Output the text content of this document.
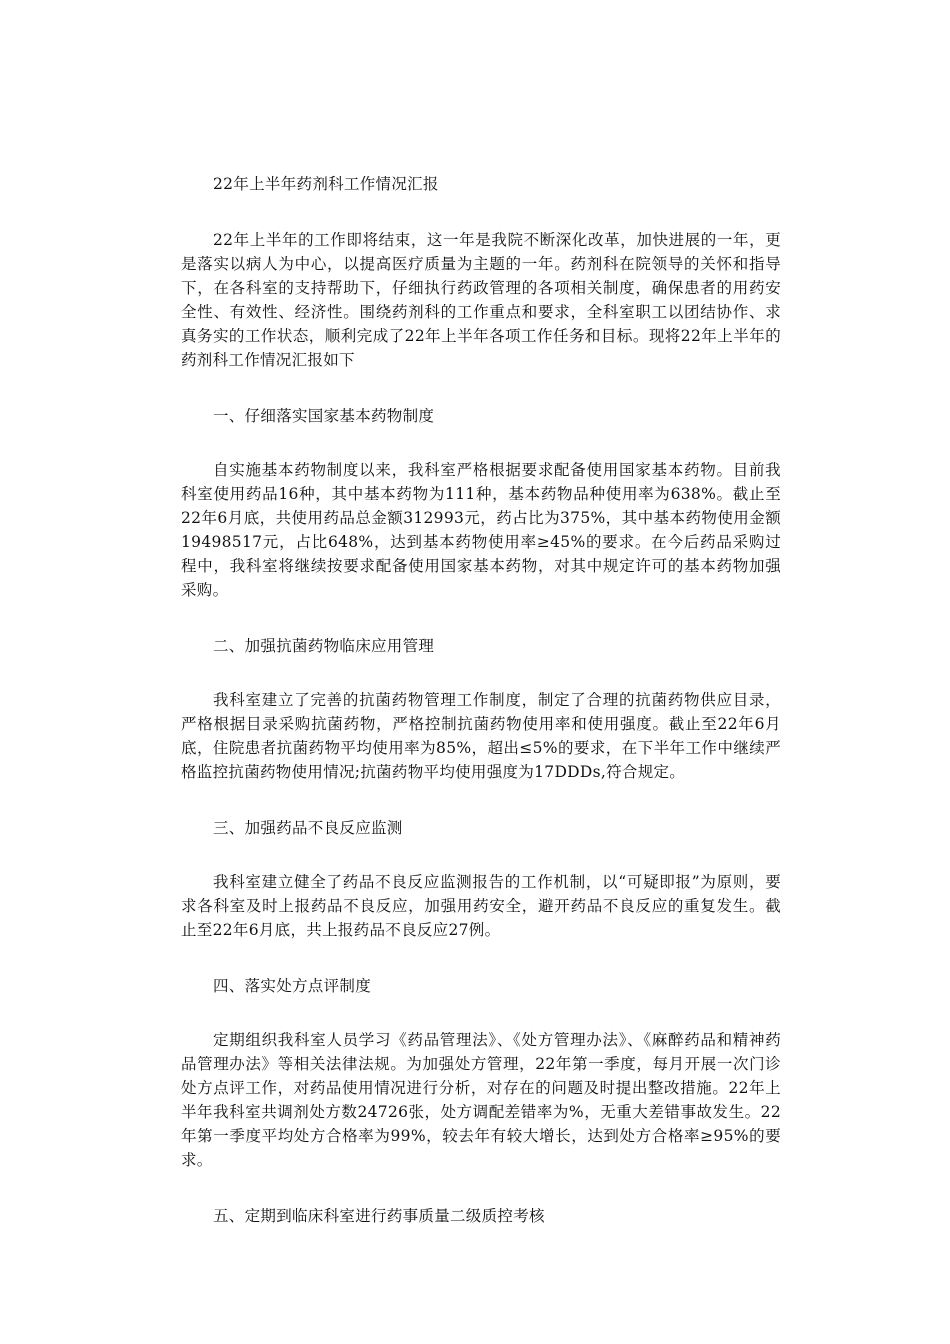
22年上半年药剂科工作情况汇报

22年上半年的工作即将结束，这一年是我院不断深化改革，加快进展的一年，更是落实以病人为中心，以提高医疗质量为主题的一年。药剂科在院领导的关怀和指导下，在各科室的支持帮助下，仔细执行药政管理的各项相关制度，确保患者的用药安全性、有效性、经济性。围绕药剂科的工作重点和要求，全科室职工以团结协作、求真务实的工作状态，顺利完成了22年上半年各项工作任务和目标。现将22年上半年的药剂科工作情况汇报如下

一、仔细落实国家基本药物制度

自实施基本药物制度以来，我科室严格根据要求配备使用国家基本药物。目前我科室使用药品16种，其中基本药物为111种，基本药物品种使用率为638%。截止至22年6月底，共使用药品总金额312993元，药占比为375%，其中基本药物使用金额19498517元，占比648%，达到基本药物使用率≥45%的要求。在今后药品采购过程中，我科室将继续按要求配备使用国家基本药物，对其中规定许可的基本药物加强采购。

二、加强抗菌药物临床应用管理

我科室建立了完善的抗菌药物管理工作制度，制定了合理的抗菌药物供应目录，严格根据目录采购抗菌药物，严格控制抗菌药物使用率和使用强度。截止至22年6月底，住院患者抗菌药物平均使用率为85%，超出≤5%的要求，在下半年工作中继续严格监控抗菌药物使用情况;抗菌药物平均使用强度为17DDDs,符合规定。

三、加强药品不良反应监测

我科室建立健全了药品不良反应监测报告的工作机制，以“可疑即报”为原则，要求各科室及时上报药品不良反应，加强用药安全，避开药品不良反应的重复发生。截止至22年6月底，共上报药品不良反应27例。

四、落实处方点评制度

定期组织我科室人员学习《药品管理法》、《处方管理办法》、《麻醉药品和精神药品管理办法》等相关法律法规。为加强处方管理，22年第一季度，每月开展一次门诊处方点评工作，对药品使用情况进行分析，对存在的问题及时提出整改措施。22年上半年我科室共调剂处方数24726张，处方调配差错率为%，无重大差错事故发生。22年第一季度平均处方合格率为99%，较去年有较大增长，达到处方合格率≥95%的要求。

五、定期到临床科室进行药事质量二级质控考核
